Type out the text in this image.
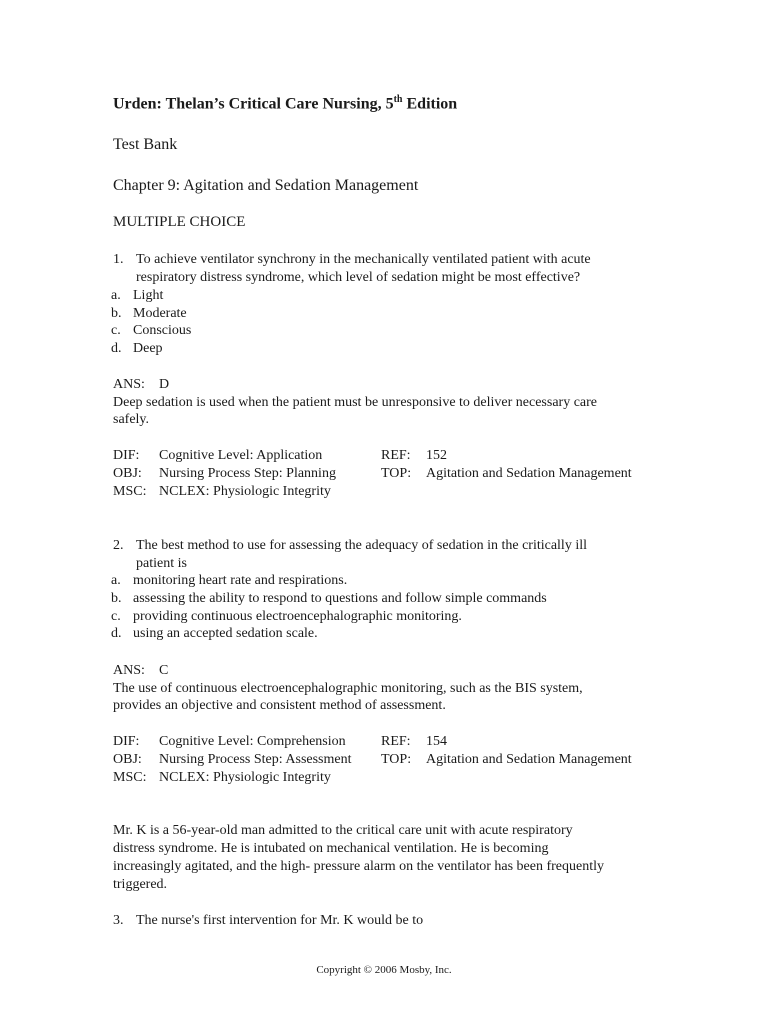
Urden: Thelan’s Critical Care Nursing, 5th Edition
Test Bank
Chapter 9: Agitation and Sedation Management
MULTIPLE CHOICE
1. To achieve ventilator synchrony in the mechanically ventilated patient with acute
respiratory distress syndrome, which level of sedation might be most effective?
a. Light
b. Moderate
c. Conscious
d. Deep
ANS: D
Deep sedation is used when the patient must be unresponsive to deliver necessary care
safely.
DIF: Cognitive Level: Application	REF: 152
OBJ: Nursing Process Step: Planning	TOP: Agitation and Sedation Management
MSC: NCLEX: Physiologic Integrity
2. The best method to use for assessing the adequacy of sedation in the critically ill
patient is
a. monitoring heart rate and respirations.
b. assessing the ability to respond to questions and follow simple commands
c. providing continuous electroencephalographic monitoring.
d. using an accepted sedation scale.
ANS: C
The use of continuous electroencephalographic monitoring, such as the BIS system,
provides an objective and consistent method of assessment.
DIF: Cognitive Level: Comprehension	REF: 154
OBJ: Nursing Process Step: Assessment TOP: Agitation and Sedation Management
MSC: NCLEX: Physiologic Integrity
Mr. K is a 56-year-old man admitted to the critical care unit with acute respiratory
distress syndrome. He is intubated on mechanical ventilation. He is becoming
increasingly agitated, and the high- pressure alarm on the ventilator has been frequently
triggered.
3. The nurse's first intervention for Mr. K would be to
Copyright © 2006 Mosby, Inc.
